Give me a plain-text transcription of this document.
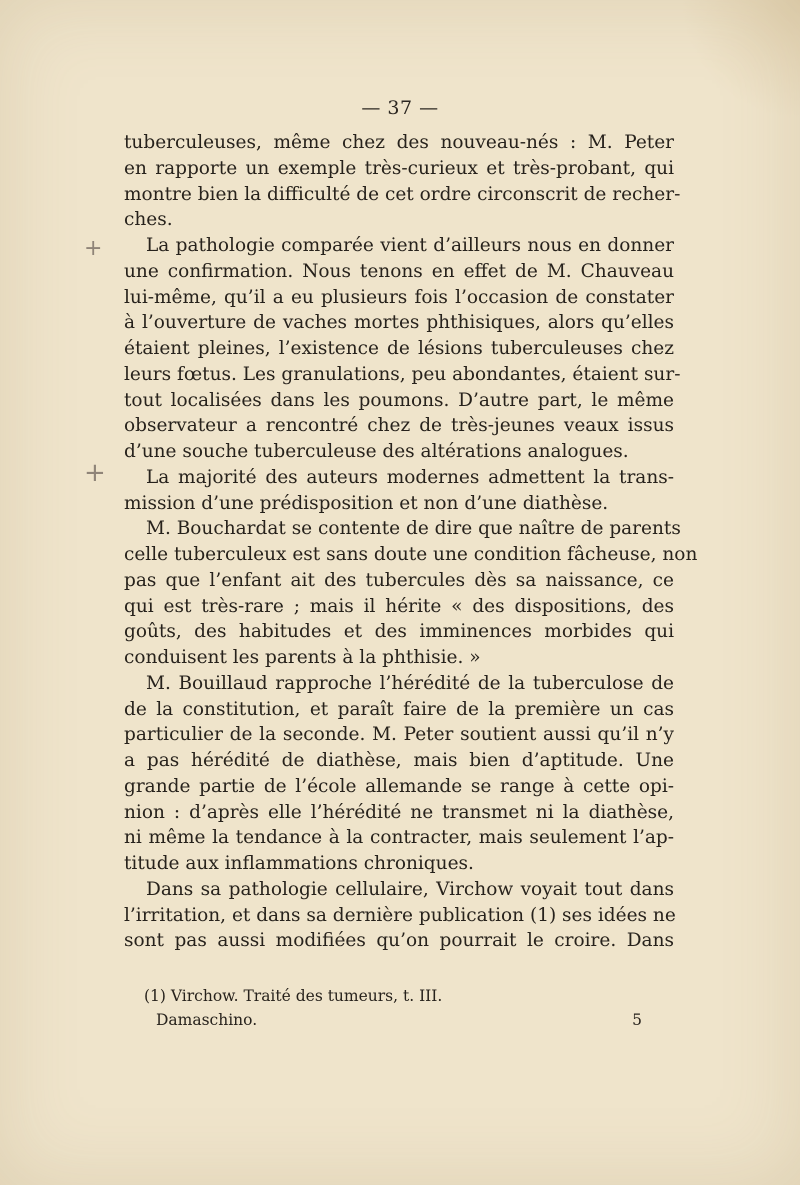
— 37 —
+
+
tuberculeuses, même chez des nouveau-nés : M. Peter
en rapporte un exemple très-curieux et très-probant, qui
montre bien la difficulté de cet ordre circonscrit de recher-
ches.
La pathologie comparée vient d’ailleurs nous en donner
une confirmation. Nous tenons en effet de M. Chauveau
lui-même, qu’il a eu plusieurs fois l’occasion de constater
à l’ouverture de vaches mortes phthisiques, alors qu’elles
étaient pleines, l’existence de lésions tuberculeuses chez
leurs fœtus. Les granulations, peu abondantes, étaient sur-
tout localisées dans les poumons. D’autre part, le même
observateur a rencontré chez de très-jeunes veaux issus
d’une souche tuberculeuse des altérations analogues.
La majorité des auteurs modernes admettent la trans-
mission d’une prédisposition et non d’une diathèse.
M. Bouchardat se contente de dire que naître de parents
celle tuberculeux est sans doute une condition fâcheuse, non
pas que l’enfant ait des tubercules dès sa naissance, ce
qui est très-rare ; mais il hérite « des dispositions, des
goûts, des habitudes et des imminences morbides qui
conduisent les parents à la phthisie. »
M. Bouillaud rapproche l’hérédité de la tuberculose de
de la constitution, et paraît faire de la première un cas
particulier de la seconde. M. Peter soutient aussi qu’il n’y
a pas hérédité de diathèse, mais bien d’aptitude. Une
grande partie de l’école allemande se range à cette opi-
nion : d’après elle l’hérédité ne transmet ni la diathèse,
ni même la tendance à la contracter, mais seulement l’ap-
titude aux inflammations chroniques.
Dans sa pathologie cellulaire, Virchow voyait tout dans
l’irritation, et dans sa dernière publication (1) ses idées ne
sont pas aussi modifiées qu’on pourrait le croire. Dans
(1) Virchow. Traité des tumeurs, t. III.
Damaschino.	5
